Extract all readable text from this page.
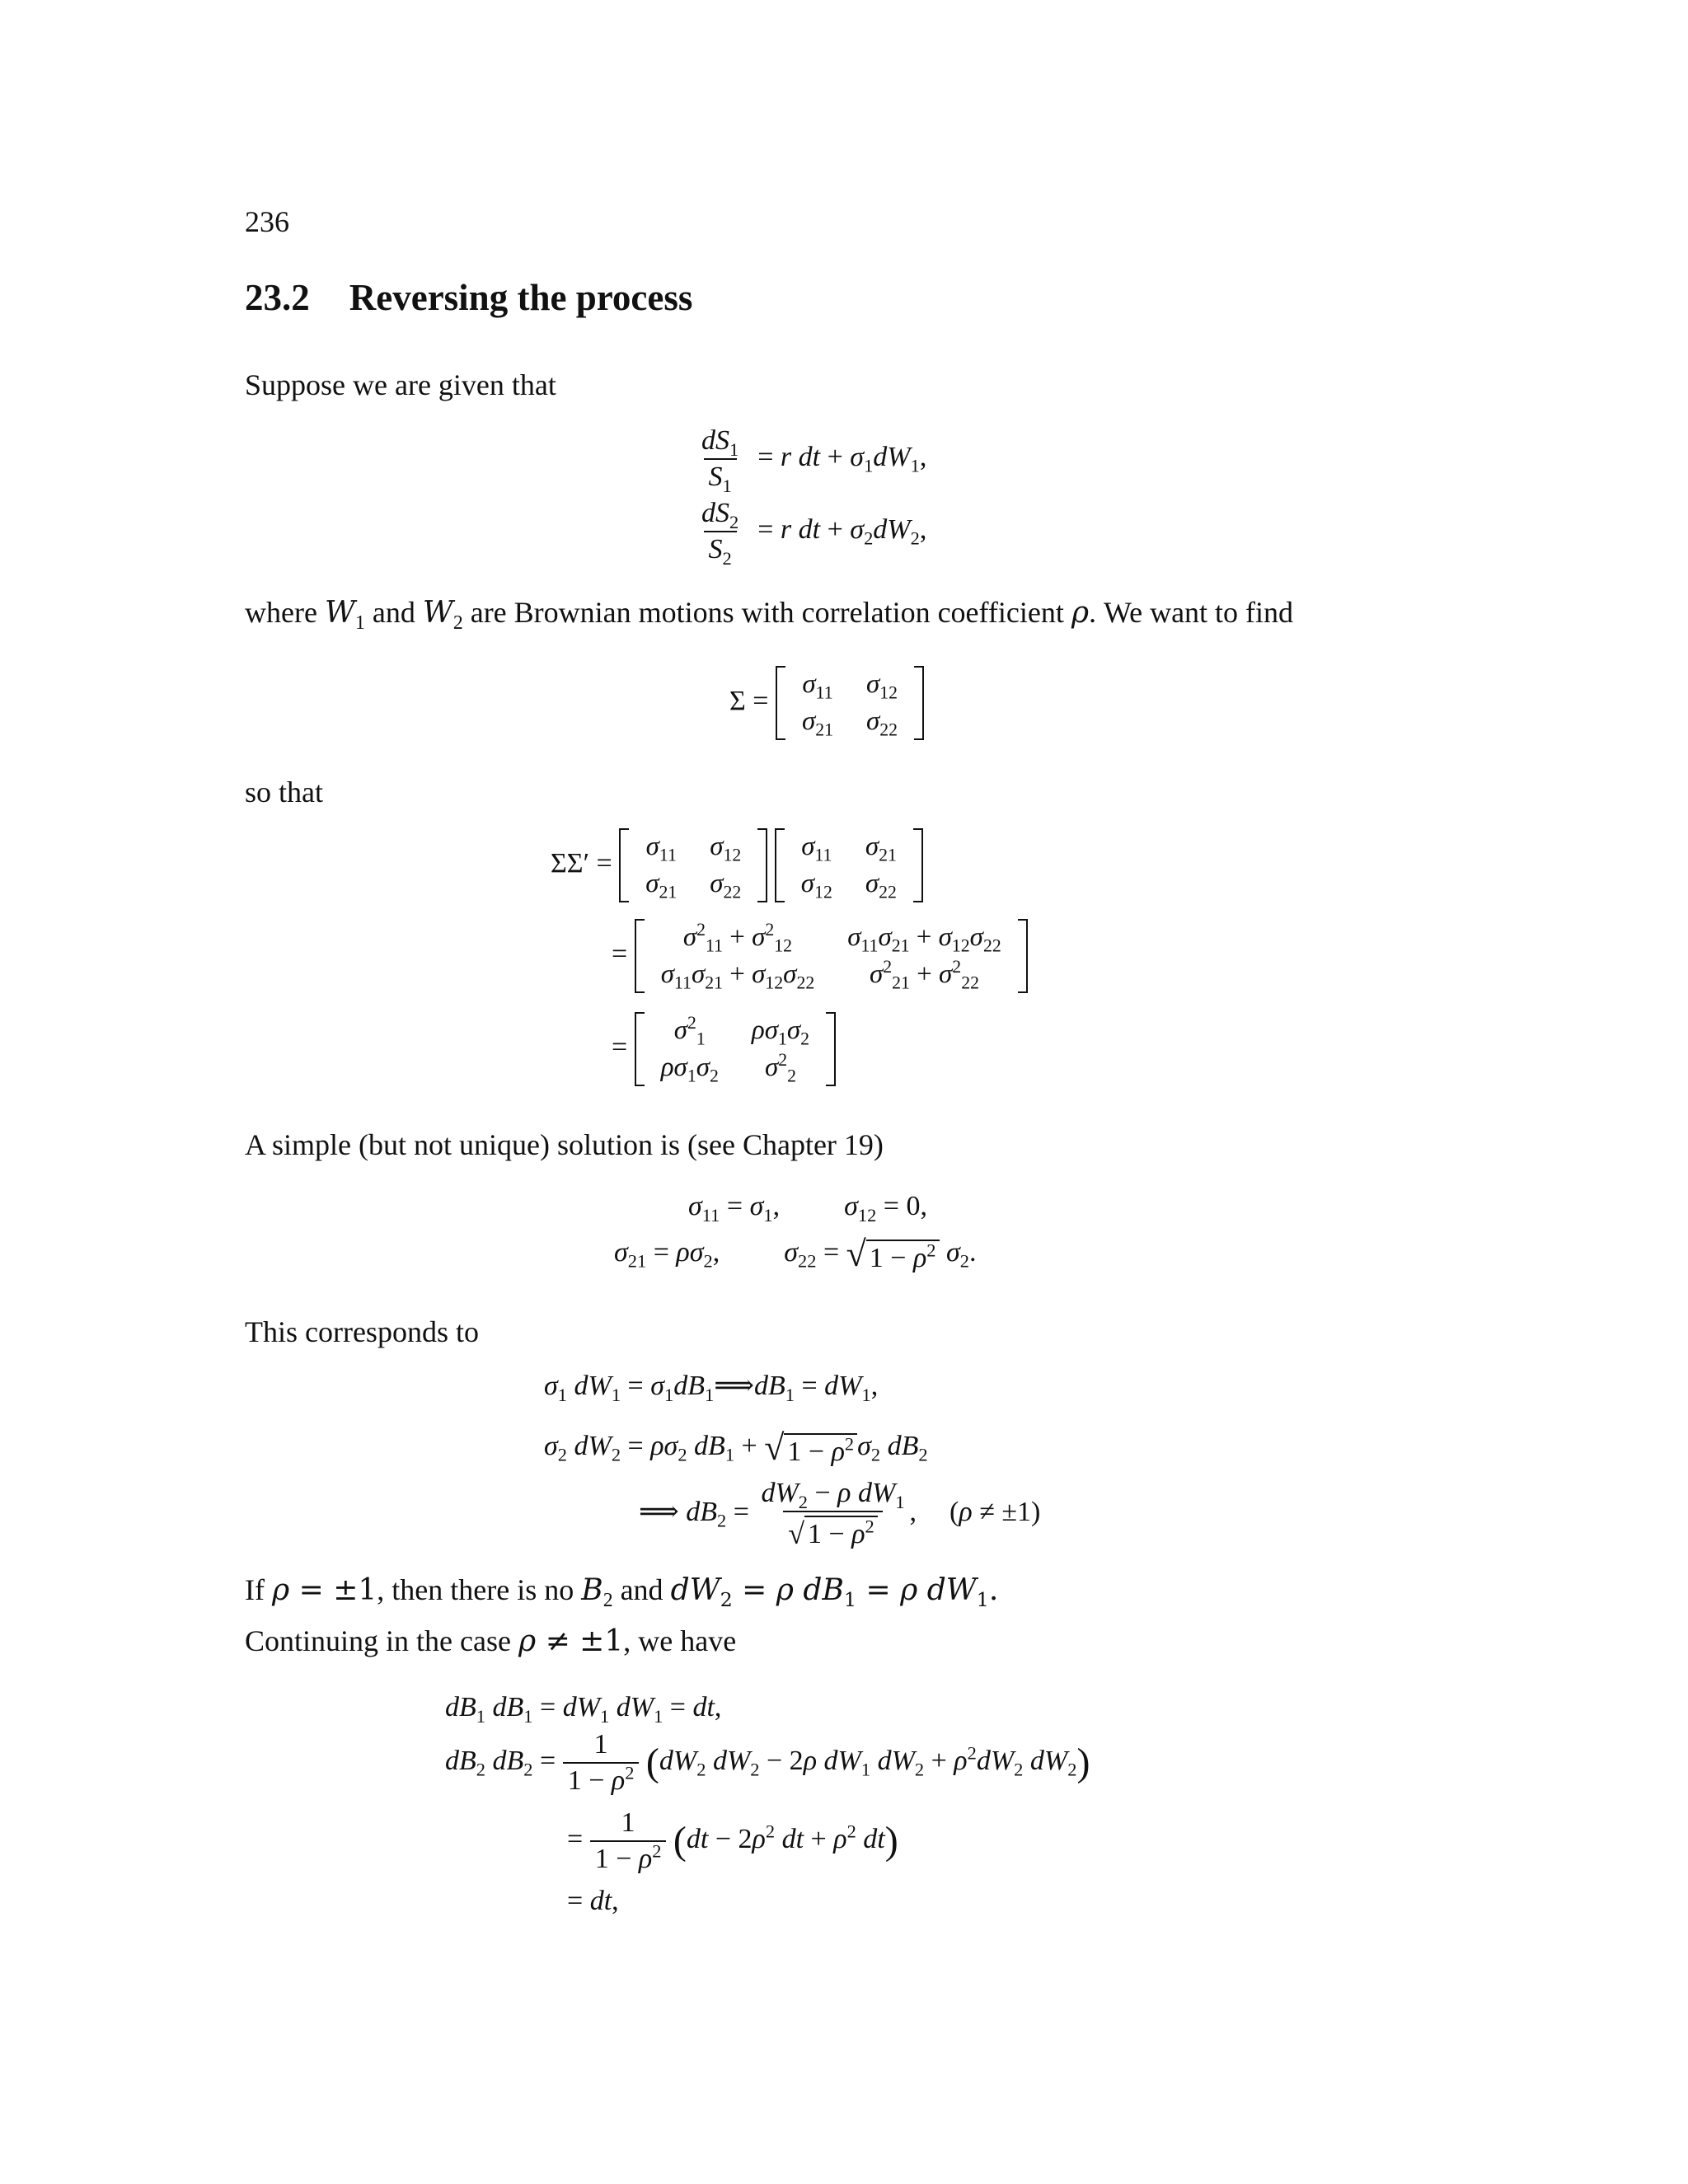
236
23.2 Reversing the process
Suppose we are given that
$\frac{dS_1}{S_1} = r$ dt + $\sigma_1dW_1$,
$\frac{dS_2}{S_2} = r$ dt + $\sigma_2dW_2$,
where $W_1$ and $W_2$ are Brownian motions with correlation coefficient ρ. We want to find
Σ =
$\sigma_{11}$	$\sigma_{12}$
$\sigma_{21}$	$\sigma_{22}$
so that
ΣΣ′ =
$\sigma_{11}$	$\sigma_{12}$
$\sigma_{21}$	$\sigma_{22}$

$\sigma_{11}$	$\sigma_{21}$
$\sigma_{12}$	$\sigma_{22}$
=
$\sigma^2_{11} + \sigma^2_{12}$	$\sigma_{11}\sigma_{21} + \sigma_{12}\sigma_{22}$
$\sigma_{11}\sigma_{21} + \sigma_{12}\sigma_{22}$	$\sigma^2_{21} + \sigma^2_{22}$
=
$\sigma^2_1$	$\rho\sigma_1\sigma_2$
$\rho\sigma_1\sigma_2$	$\sigma^2_2$
A simple (but not unique) solution is (see Chapter 19)
$\sigma_{11} = \sigma_1$, $\sigma_{12} = 0$,
$\sigma_{21} = \rho\sigma_2$, $\sigma_{22}$ = √ $1 - \rho^2$ $\sigma_2$.
This corresponds to
$\sigma_1$ $dW_1$ = $\sigma_1dB_1⟹dB_1 = dW_1$,
$\sigma_2$ $dW_2 = \rho\sigma_2$ $dB_1$ + √ $1 - \rho^2$ $\sigma_2$ $dB_2$
⟹ $dB_2 = \frac{dW_2 - \rho dW_1}{√ 1 - \rho^2}$ , (ρ ≠ ±1)
If ρ = ±1, then there is no $B_2$ and $dW_2 = \rho$ $dB_1 = \rho$ $dW_1$.
Continuing in the case ρ ≠ ±1, we have
$dB_1$ $dB_1 = dW_1$ $dW_1$ = dt,
$dB_2$ $dB_2 = \frac{1}{1 - \rho^2} (dW_2$ $dW_2 - 2\rho$ $dW_1$ $dW_2 + \rho^2dW_2$ $dW_2$)
= $\frac{1}{1 - \rho^2} (dt - 2\rho^2$ dt + $\rho^2$ dt)
= dt,
